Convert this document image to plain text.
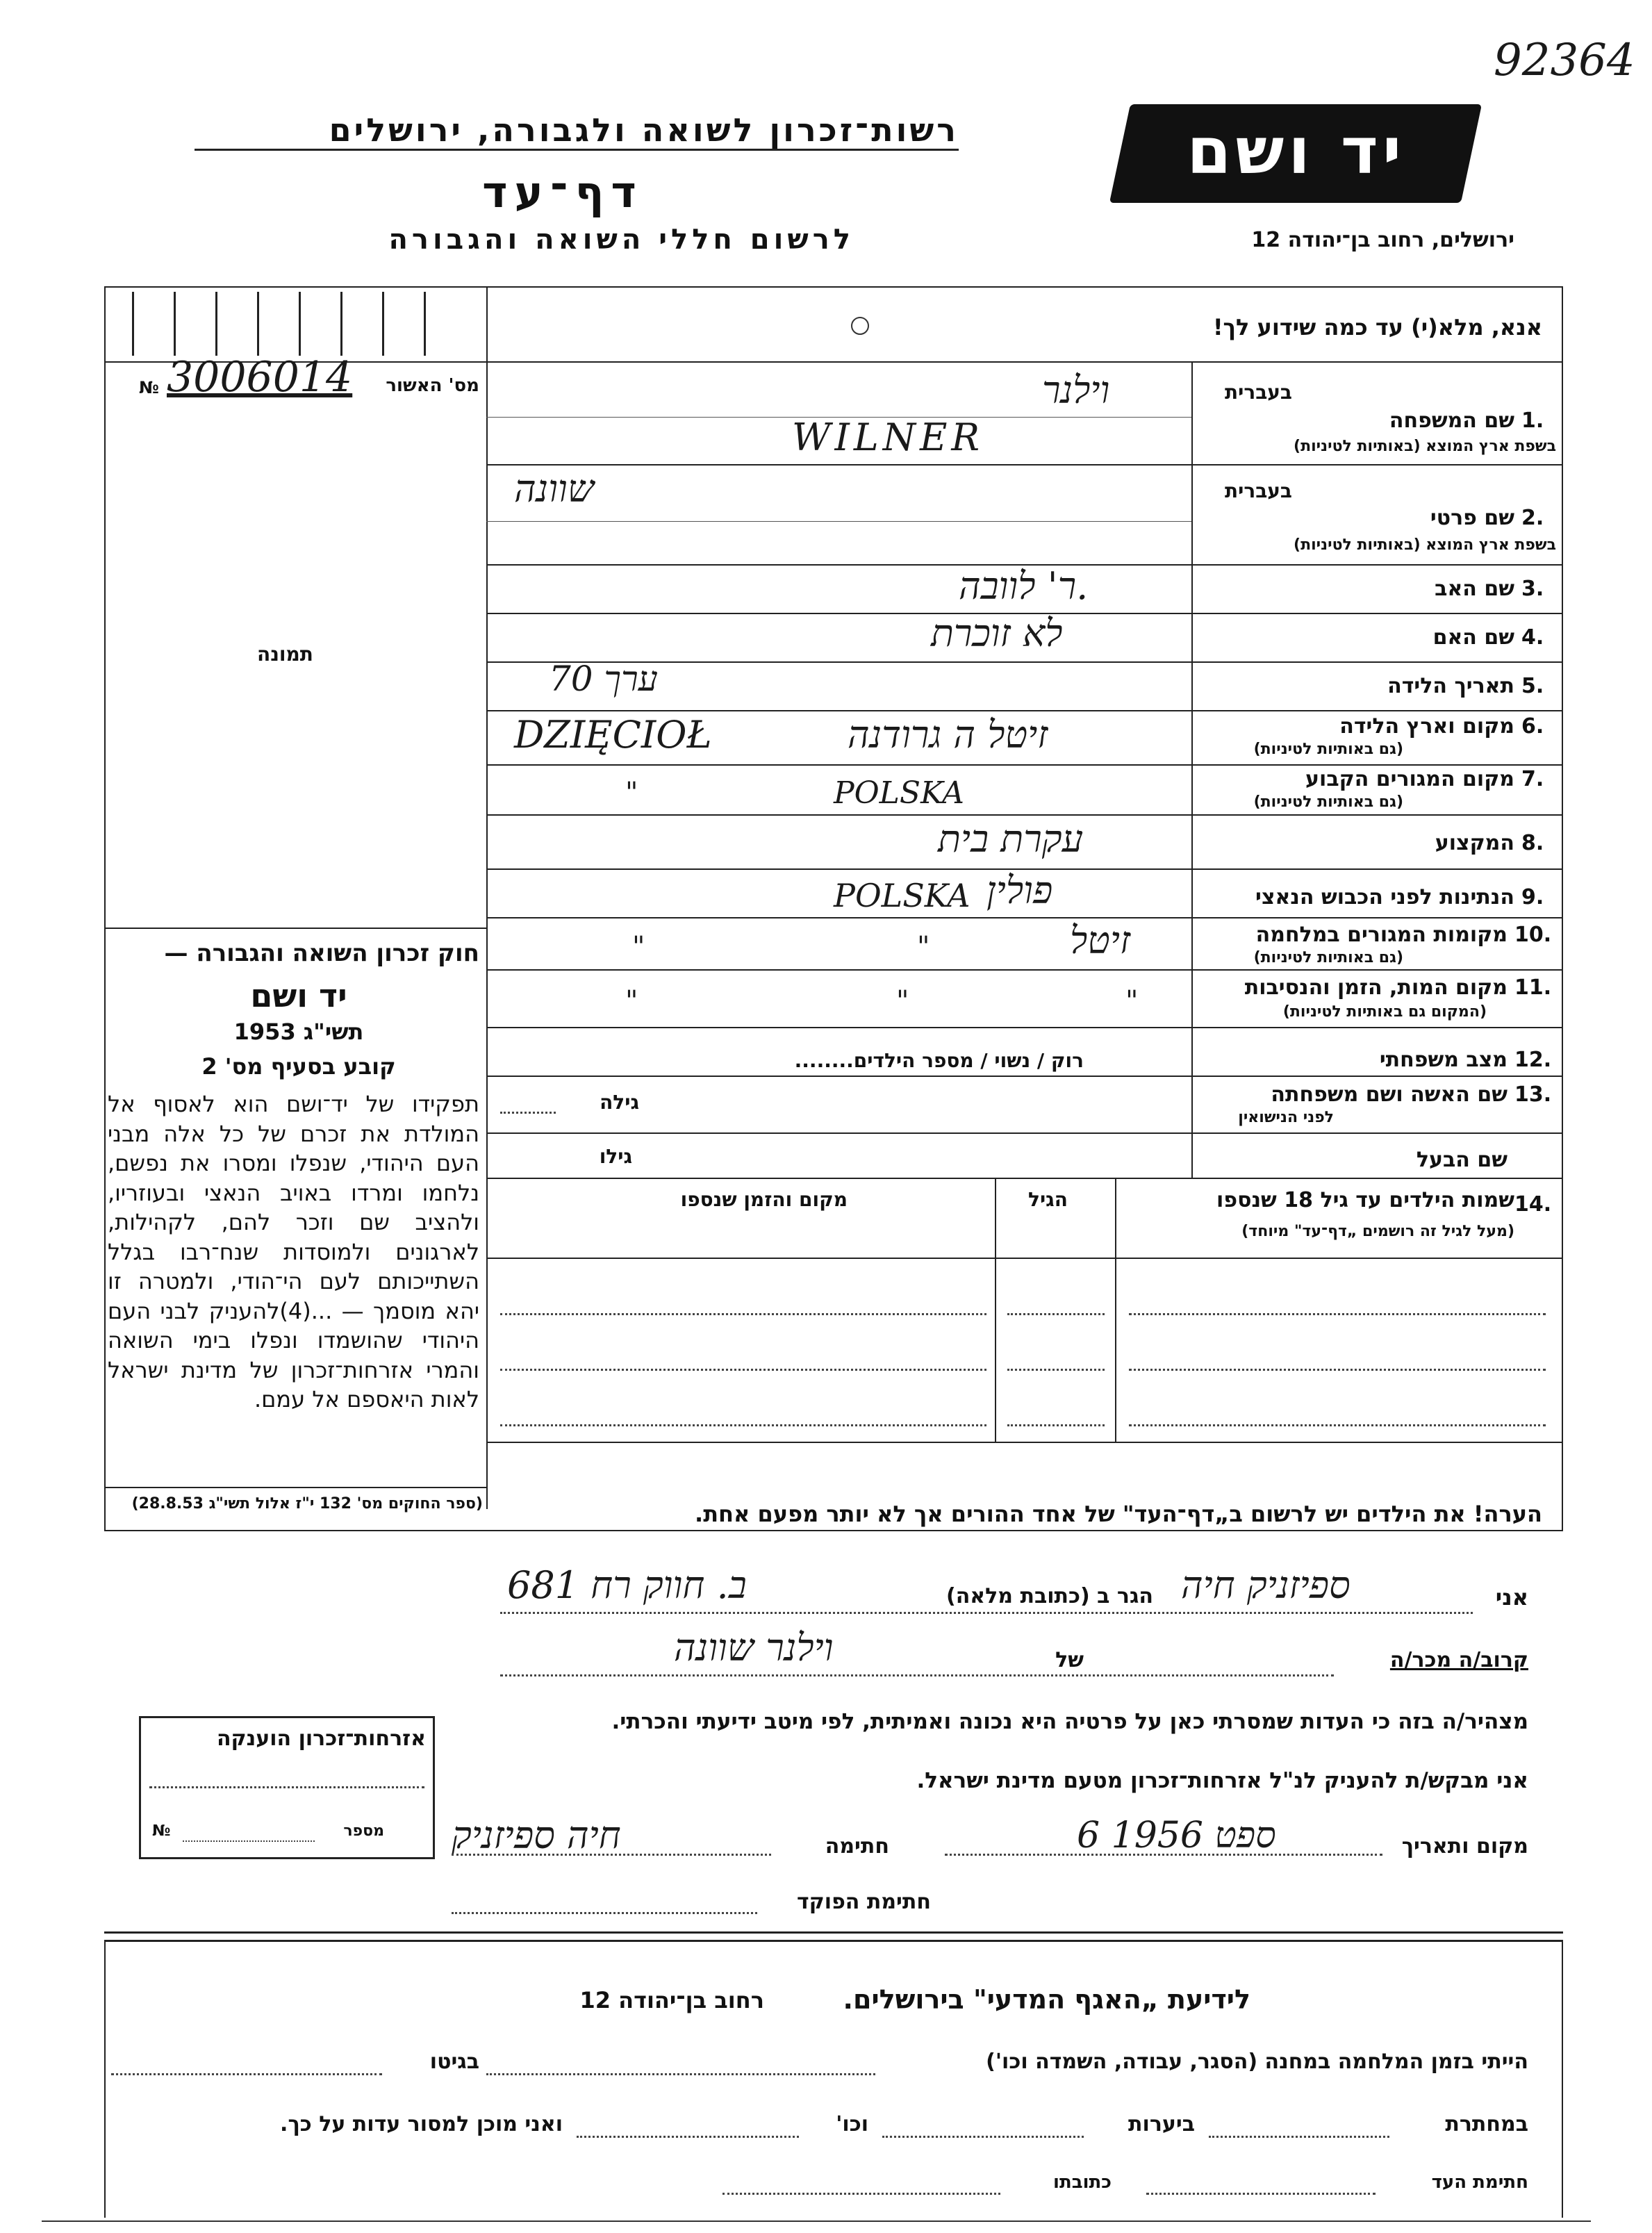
92364
רשות־זכרון לשואה ולגבורה, ירושלים
דף־עד
לרשום חללי השואה והגבורה
יד ושם
ירושלים, רחוב בן־יהודה 12
מס' האשור
3006014
№
תמונה
אנא, מלא(י) עד כמה שידוע לך!
בעברית
1.
שם המשפחה
בשפת ארץ המוצא (באותיות לטיניות)
וילנר
WILNER
בעברית
2.
שם פרטי
בשפת ארץ המוצא (באותיות לטיניות)
שוונה
3.
שם האב
ר' לוובה.
4.
שם האם
לא זוכרת
5.
תאריך הלידה
ערך 70
6.
מקום וארץ הלידה
(גם באותיות לטיניות)
זיטל ה גרודנה
DZIĘCIOŁ
7.
מקום המגורים הקבוע
(גם באותיות לטיניות)
"	POLSKA
8.
המקצוע
עקרת בית
9.
הנתינות לפני הכבוש הנאצי
פולין
POLSKA
10.
מקומות המגורים במלחמה
(גם באותיות לטיניות)
זיטל
"
"
11.
מקום המות, הזמן והנסיבות
(המקום גם באותיות לטיניות)
"
"
"
12.
מצב משפחתי
רוק / נשוי / מספר הילדים........
13.
שם האשה ושם משפחתה
לפני הנישואין
גילה
שם הבעל
גילו
14.
שמות הילדים עד גיל 18 שנספו
(מעל לגיל זה רושמים „דף־עד" מיוחד)
הגיל
מקום והזמן שנספו
הערה! את הילדים יש לרשום ב„דף־העד" של אחד ההורים אך לא יותר מפעם אחת.
חוק זכרון השואה והגבורה —
יד ושם
תשי"ג 1953
קובע בסעיף מס' 2
תפקידו של יד־ושם הוא לאסוף אל המולדת את זכרם של כל אלה מבני העם היהודי, שנפלו ומסרו את נפשם, נלחמו ומרדו באויב הנאצי ובעוזריו, ולהציב שם וזכר להם, לקהילות, לארגונים ולמוסדות שנח־רבו בגלל השתייכותם לעם הי־הודי, ולמטרה זו יהא מוסמך — ...(4)להעניק לבני העם היהודי שהושמדו ונפלו בימי השואה והמרי אזרחות־זכרון של מדינת ישראל לאות היאספם אל עמם.
(ספר החוקים מס' 132 י"ז אלול תשי"ג 28.8.53)
אני
ספיזניק חיה
הגר ב (כתובת מלאה)
ב. חווק רח 681
קרוב/ה מכר/ה
של
וילנר שוונה
מצהיר/ה בזה כי העדות שמסרתי כאן על פרטיה היא נכונה ואמיתית, לפי מיטב ידיעתי והכרתי.
אני מבקש/ת להעניק לנ"ל אזרחות־זכרון מטעם מדינת ישראל.
מקום ותאריך
6 ספט 1956
חתימה
חיה ספיזניק
חתימת הפוקד
אזרחות־זכרון הוענקה
מספר
№
לידיעת „האגף המדעי" בירושלים.
רחוב בן־יהודה 12
הייתי בזמן המלחמה במחנה (הסגר, עבודה, השמדה וכו')
בגיטו
במחתרת
ביערות
וכו'
ואני מוכן למסור עדות על כך.
חתימת העד
כתובתו
